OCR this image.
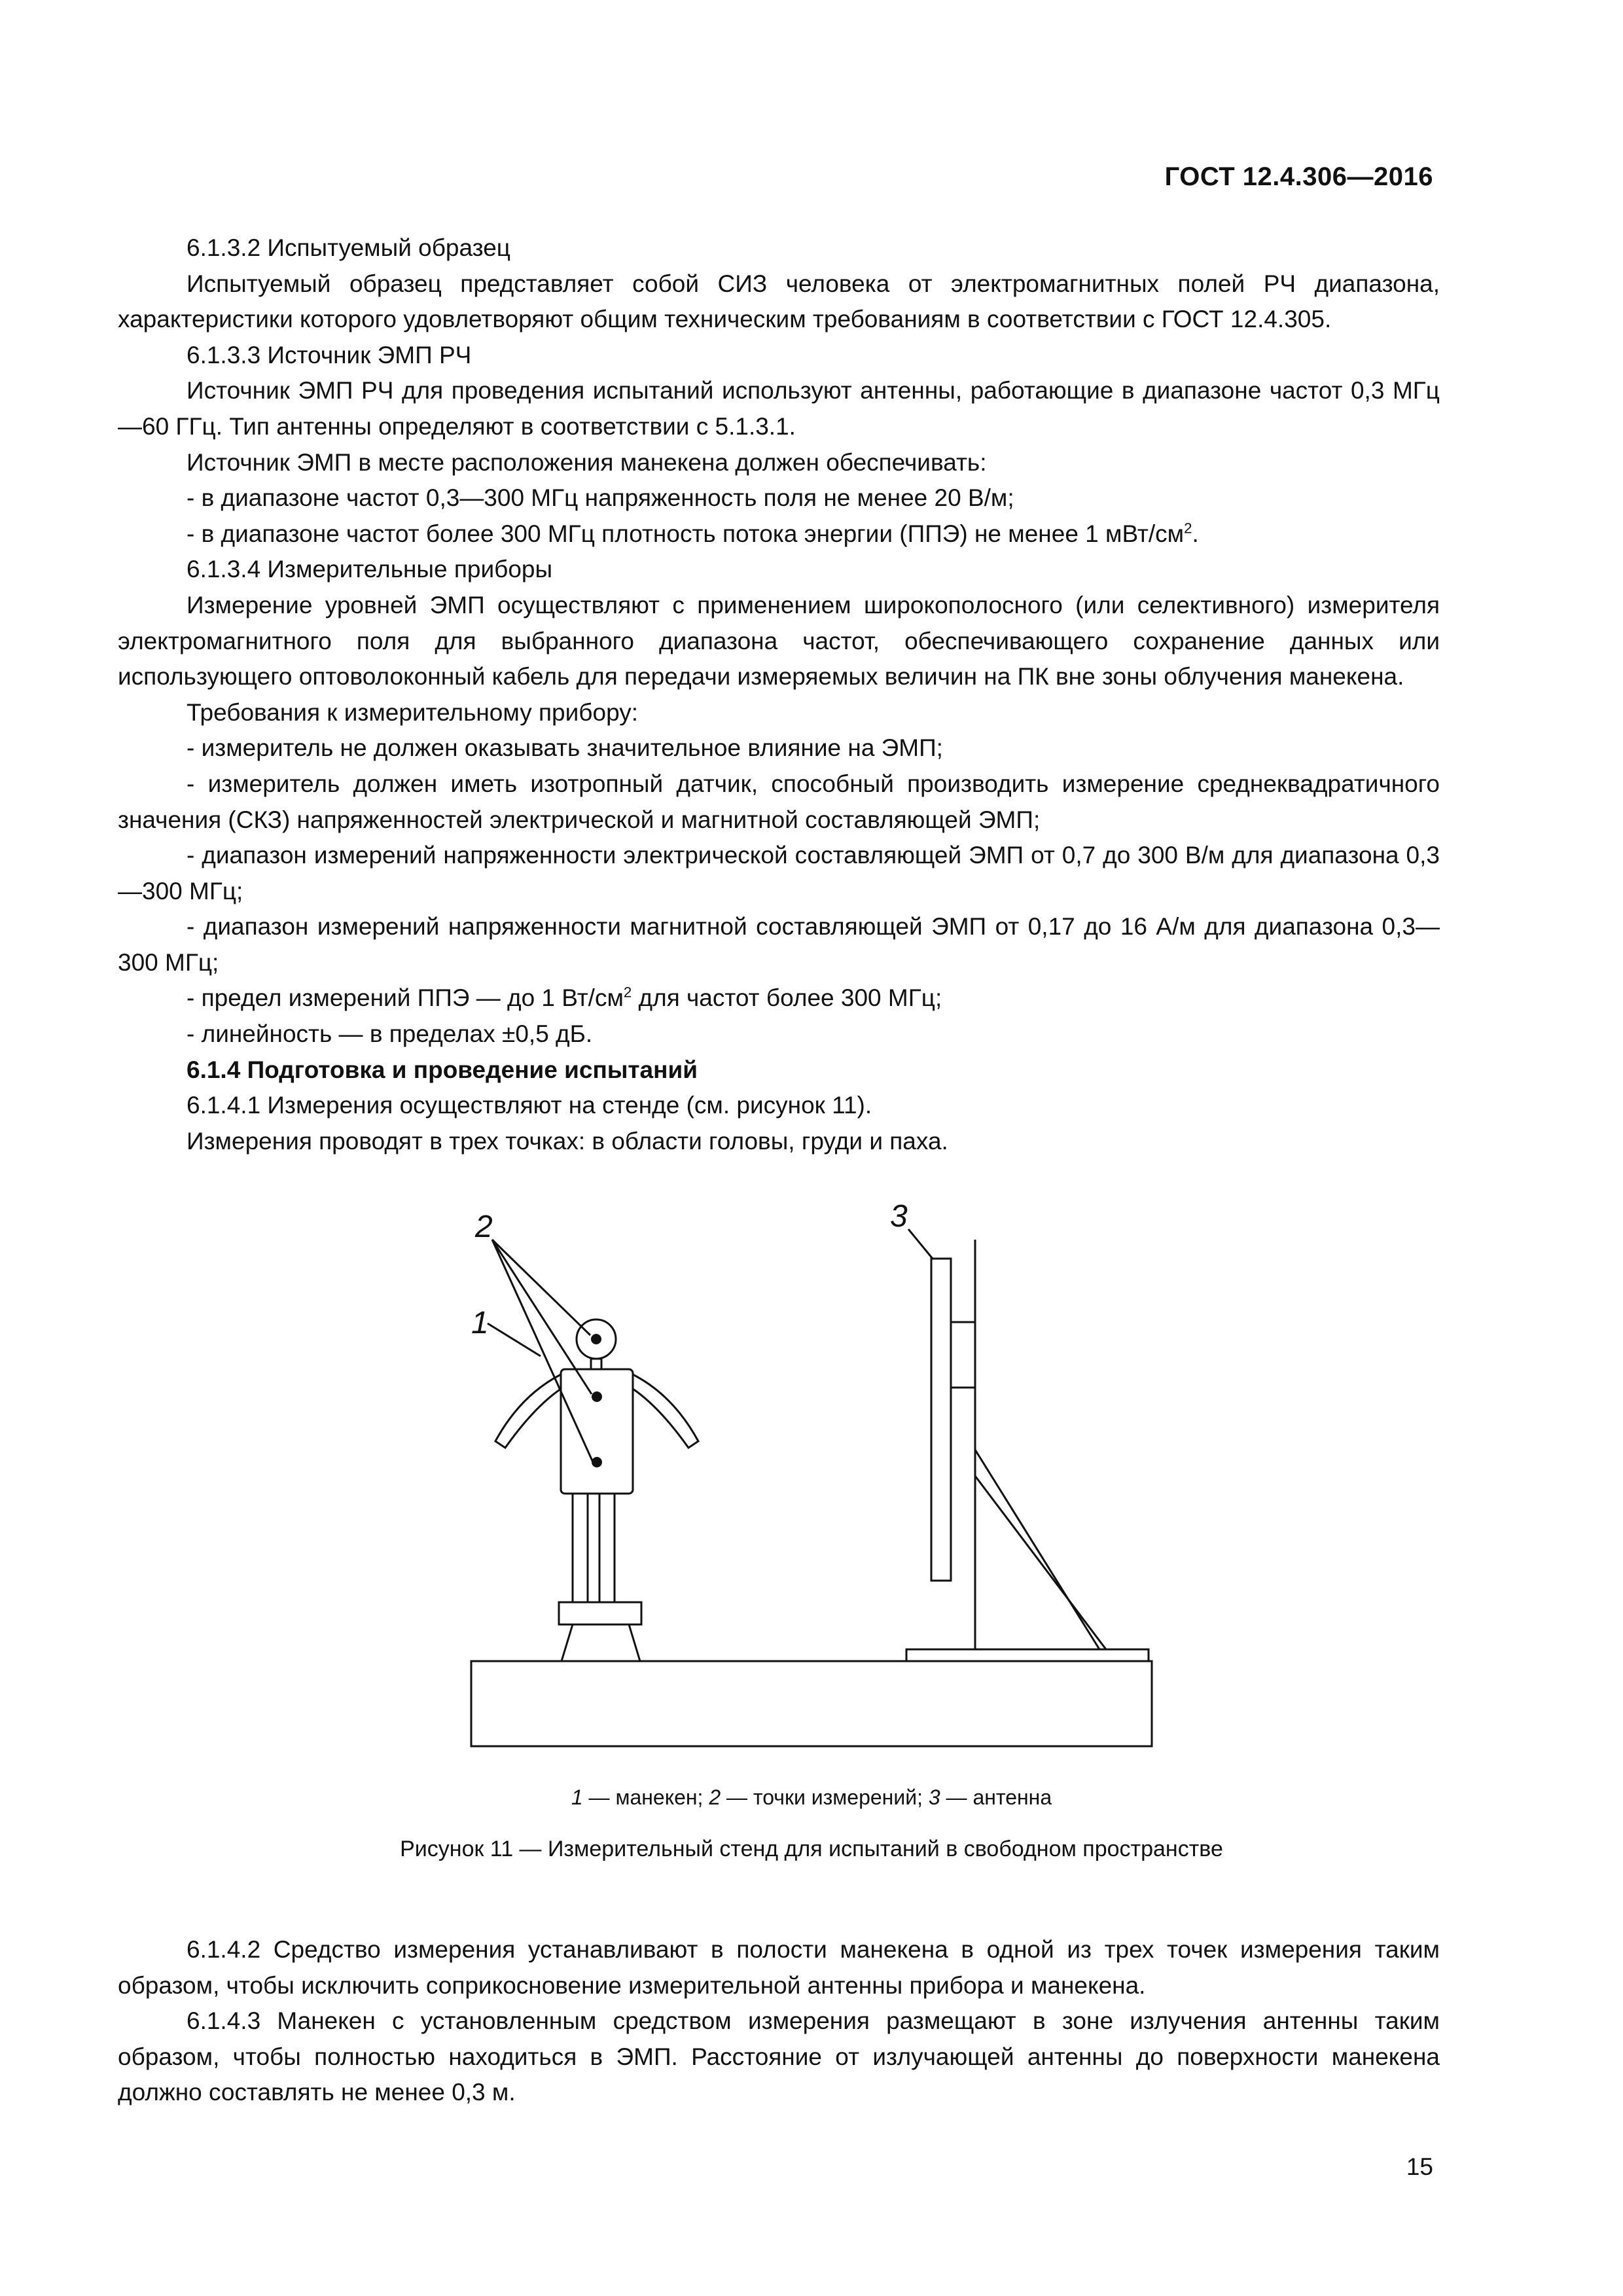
ГОСТ 12.4.306—2016

6.1.3.2 Испытуемый образец

Испытуемый образец представляет собой СИЗ человека от электромагнитных полей РЧ диапазона, характеристики которого удовлетворяют общим техническим требованиям в соответствии с ГОСТ 12.4.305.

6.1.3.3 Источник ЭМП РЧ

Источник ЭМП РЧ для проведения испытаний используют антенны, работающие в диапазоне частот 0,3 МГц—60 ГГц. Тип антенны определяют в соответствии с 5.1.3.1.

Источник ЭМП в месте расположения манекена должен обеспечивать:

- в диапазоне частот 0,3—300 МГц напряженность поля не менее 20 В/м;

- в диапазоне частот более 300 МГц плотность потока энергии (ППЭ) не менее 1 мВт/$см^2$.

6.1.3.4 Измерительные приборы

Измерение уровней ЭМП осуществляют с применением широкополосного (или селективного) измерителя электромагнитного поля для выбранного диапазона частот, обеспечивающего сохранение данных или использующего оптоволоконный кабель для передачи измеряемых величин на ПК вне зоны облучения манекена.

Требования к измерительному прибору:

- измеритель не должен оказывать значительное влияние на ЭМП;

- измеритель должен иметь изотропный датчик, способный производить измерение среднеквадратичного значения (СКЗ) напряженностей электрической и магнитной составляющей ЭМП;

- диапазон измерений напряженности электрической составляющей ЭМП от 0,7 до 300 В/м для диапазона 0,3—300 МГц;

- диапазон измерений напряженности магнитной составляющей ЭМП от 0,17 до 16 А/м для диапазона 0,3—300 МГц;

- предел измерений ППЭ — до 1 $Вт/см^2$ для частот более 300 МГц;

- линейность — в пределах ±0,5 дБ.

6.1.4 Подготовка и проведение испытаний

6.1.4.1 Измерения осуществляют на стенде (см. рисунок 11).

Измерения проводят в трех точках: в области головы, груди и паха.

1
2	3
1 — манекен; 2 — точки измерений; 3 — антенна
Рисунок 11 — Измерительный стенд для испытаний в свободном пространстве

6.1.4.2 Средство измерения устанавливают в полости манекена в одной из трех точек измерения таким образом, чтобы исключить соприкосновение измерительной антенны прибора и манекена.

6.1.4.3 Манекен с установленным средством измерения размещают в зоне излучения антенны таким образом, чтобы полностью находиться в ЭМП. Расстояние от излучающей антенны до поверхности манекена должно составлять не менее 0,3 м.

15
